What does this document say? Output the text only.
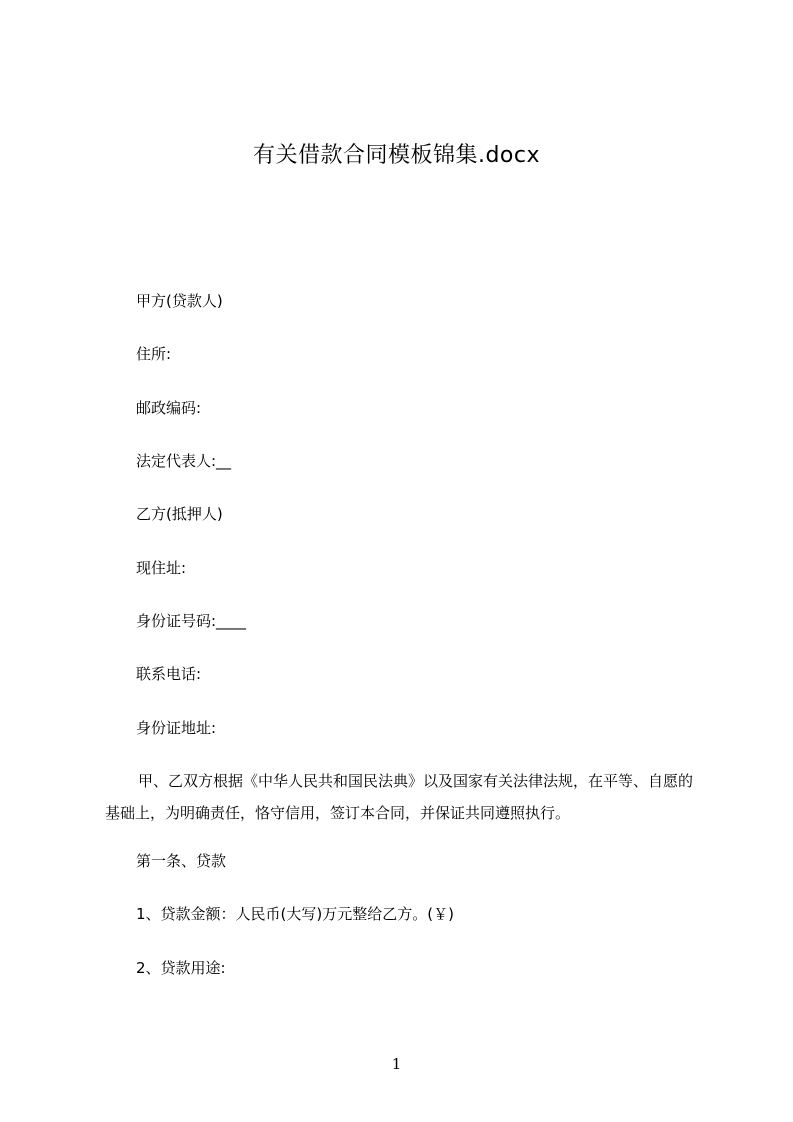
有关借款合同模板锦集.docx
甲方(贷款人)
住所:
邮政编码:
法定代表人:__
乙方(抵押人)
现住址:
身份证号码:____
联系电话:
身份证地址:
甲、乙双方根据《中华人民共和国民法典》以及国家有关法律法规，在平等、自愿的基础上，为明确责任，恪守信用，签订本合同，并保证共同遵照执行。
第一条、贷款
1、贷款金额：人民币(大写)万元整给乙方。(￥)
2、贷款用途:
1
